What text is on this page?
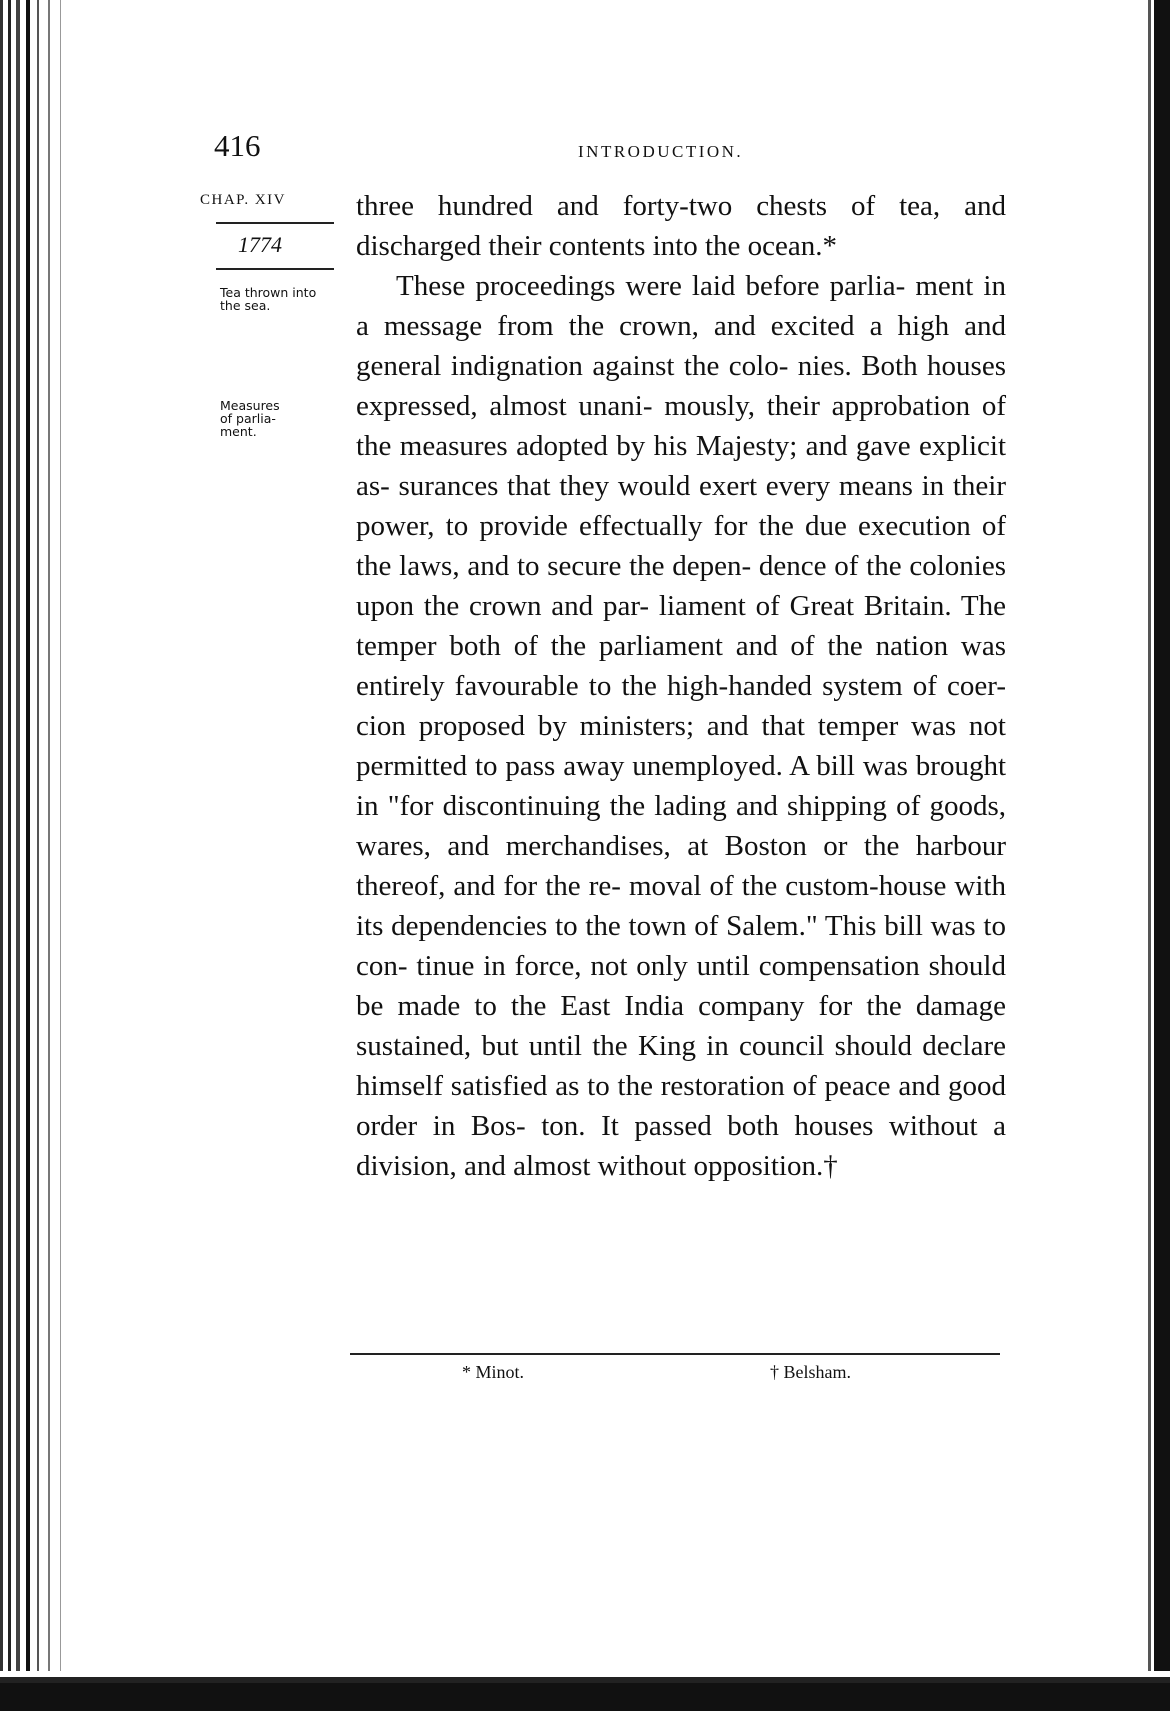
416	INTRODUCTION.
CHAP. XIV
1774
Tea thrown into the sea.
Measures of parlia- ment.

three hundred and forty-two chests of tea, and discharged their contents into the ocean.*

These proceedings were laid before parlia- ment in a message from the crown, and excited a high and general indignation against the colo- nies. Both houses expressed, almost unani- mously, their approbation of the measures adopted by his Majesty; and gave explicit as- surances that they would exert every means in their power, to provide effectually for the due execution of the laws, and to secure the depen- dence of the colonies upon the crown and par- liament of Great Britain. The temper both of the parliament and of the nation was entirely favourable to the high-handed system of coer- cion proposed by ministers; and that temper was not permitted to pass away unemployed. A bill was brought in "for discontinuing the lading and shipping of goods, wares, and merchandises, at Boston or the harbour thereof, and for the re- moval of the custom-house with its dependencies to the town of Salem." This bill was to con- tinue in force, not only until compensation should be made to the East India company for the damage sustained, but until the King in council should declare himself satisfied as to the restoration of peace and good order in Bos- ton. It passed both houses without a division, and almost without opposition.†

* Minot.	† Belsham.
